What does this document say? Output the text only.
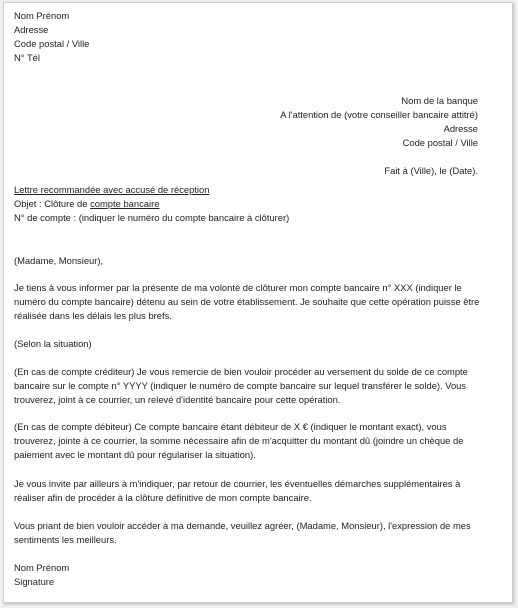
Nom Prénom

Adresse

Code postal / Ville

N° Tél

Nom de la banque

A l'attention de (votre conseiller bancaire attitré)

Adresse

Code postal / Ville

Fait à (Ville), le (Date).

Lettre recommandée avec accusé de réception

Objet : Clôture de compte bancaire

N° de compte : (indiquer le numéro du compte bancaire à clôturer)

(Madame, Monsieur),

Je tiens à vous informer par la présente de ma volonté de clôturer mon compte bancaire n° XXX (indiquer le numéro du compte bancaire) détenu au sein de votre établissement. Je souhaite que cette opération puisse être réalisée dans les délais les plus brefs.

(Selon la situation)

(En cas de compte créditeur) Je vous remercie de bien vouloir procéder au versement du solde de ce compte bancaire sur le compte n° YYYY (indiquer le numéro de compte bancaire sur lequel transférer le solde). Vous trouverez, joint à ce courrier, un relevé d'identité bancaire pour cette opération.

(En cas de compte débiteur) Ce compte bancaire étant débiteur de X € (indiquer le montant exact), vous trouverez, jointe à ce courrier, la somme nécessaire afin de m'acquitter du montant dû (joindre un chèque de paiement avec le montant dû pour régulariser la situation).

Je vous invite par ailleurs à m'indiquer, par retour de courrier, les éventuelles démarches supplémentaires à réaliser afin de procéder à la clôture définitive de mon compte bancaire.

Vous priant de bien vouloir accéder à ma demande, veuillez agréer, (Madame, Monsieur), l'expression de mes sentiments les meilleurs.

Nom Prénom

Signature
